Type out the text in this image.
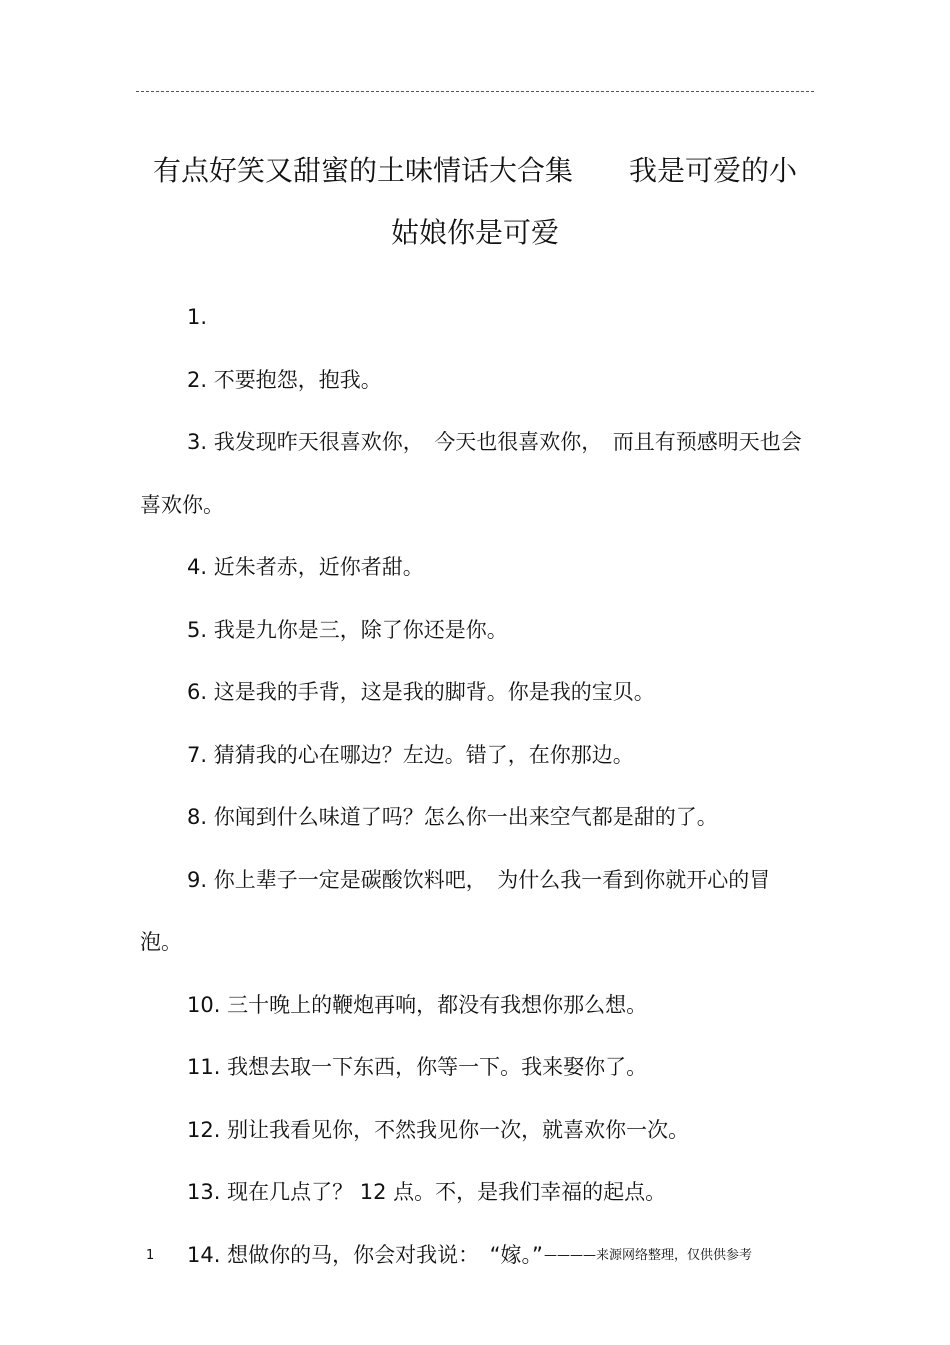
有点好笑又甜蜜的土味情话大合集　　我是可爱的小姑娘你是可爱

1.

2. 不要抱怨，抱我。

3. 我发现昨天很喜欢你，　今天也很喜欢你，　而且有预感明天也会喜欢你。

4. 近朱者赤，近你者甜。

5. 我是九你是三，除了你还是你。

6. 这是我的手背，这是我的脚背。你是我的宝贝。

7. 猜猜我的心在哪边？左边。错了，在你那边。

8. 你闻到什么味道了吗？怎么你一出来空气都是甜的了。

9. 你上辈子一定是碳酸饮料吧，　为什么我一看到你就开心的冒泡。

10. 三十晚上的鞭炮再响，都没有我想你那么想。

11. 我想去取一下东西，你等一下。我来娶你了。

12. 别让我看见你，不然我见你一次，就喜欢你一次。

13. 现在几点了？ 12 点。不，是我们幸福的起点。

14. 想做你的马，你会对我说：　“嫁。”

1	————来源网络整理，仅供供参考
